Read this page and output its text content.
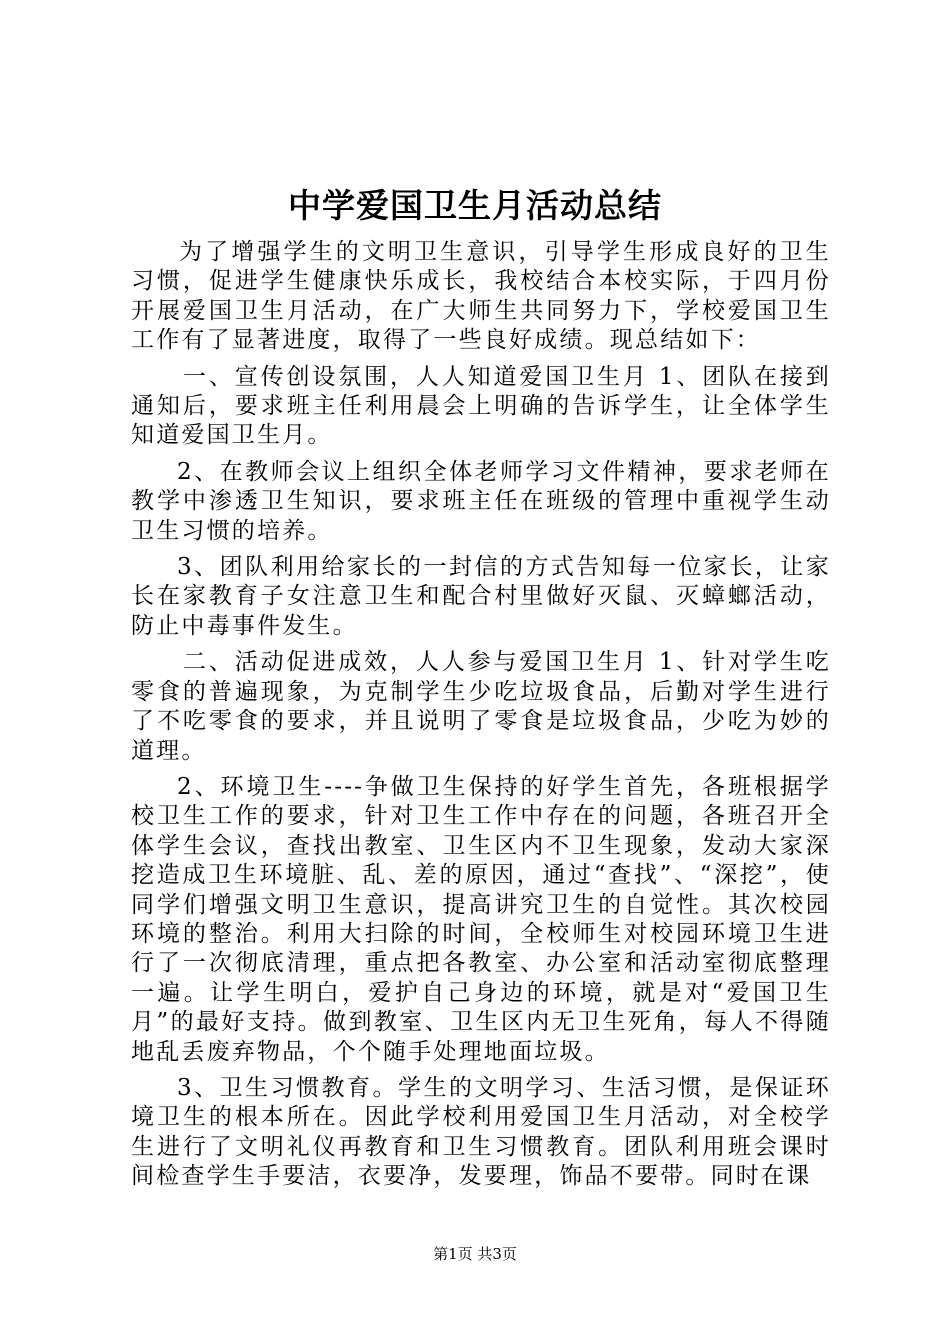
中学爱国卫生月活动总结

为了增强学生的文明卫生意识，引导学生形成良好的卫生习惯，促进学生健康快乐成长，我校结合本校实际，于四月份开展爱国卫生月活动，在广大师生共同努力下，学校爱国卫生工作有了显著进度，取得了一些良好成绩。现总结如下：

一、宣传创设氛围，人人知道爱国卫生月 1、团队在接到通知后，要求班主任利用晨会上明确的告诉学生，让全体学生知道爱国卫生月。

2、在教师会议上组织全体老师学习文件精神，要求老师在教学中渗透卫生知识，要求班主任在班级的管理中重视学生动卫生习惯的培养。

3、团队利用给家长的一封信的方式告知每一位家长，让家长在家教育子女注意卫生和配合村里做好灭鼠、灭蟑螂活动，防止中毒事件发生。

二、活动促进成效，人人参与爱国卫生月 1、针对学生吃零食的普遍现象，为克制学生少吃垃圾食品，后勤对学生进行了不吃零食的要求，并且说明了零食是垃圾食品，少吃为妙的道理。

2、环境卫生----争做卫生保持的好学生首先，各班根据学校卫生工作的要求，针对卫生工作中存在的问题，各班召开全体学生会议，查找出教室、卫生区内不卫生现象，发动大家深挖造成卫生环境脏、乱、差的原因，通过“查找”、“深挖”，使同学们增强文明卫生意识，提高讲究卫生的自觉性。其次校园环境的整治。利用大扫除的时间，全校师生对校园环境卫生进行了一次彻底清理，重点把各教室、办公室和活动室彻底整理一遍。让学生明白，爱护自己身边的环境，就是对“爱国卫生月”的最好支持。做到教室、卫生区内无卫生死角，每人不得随地乱丢废弃物品，个个随手处理地面垃圾。

3、卫生习惯教育。学生的文明学习、生活习惯，是保证环境卫生的根本所在。因此学校利用爱国卫生月活动，对全校学生进行了文明礼仪再教育和卫生习惯教育。团队利用班会课时间检查学生手要洁，衣要净，发要理，饰品不要带。同时在课

第1页 共3页
